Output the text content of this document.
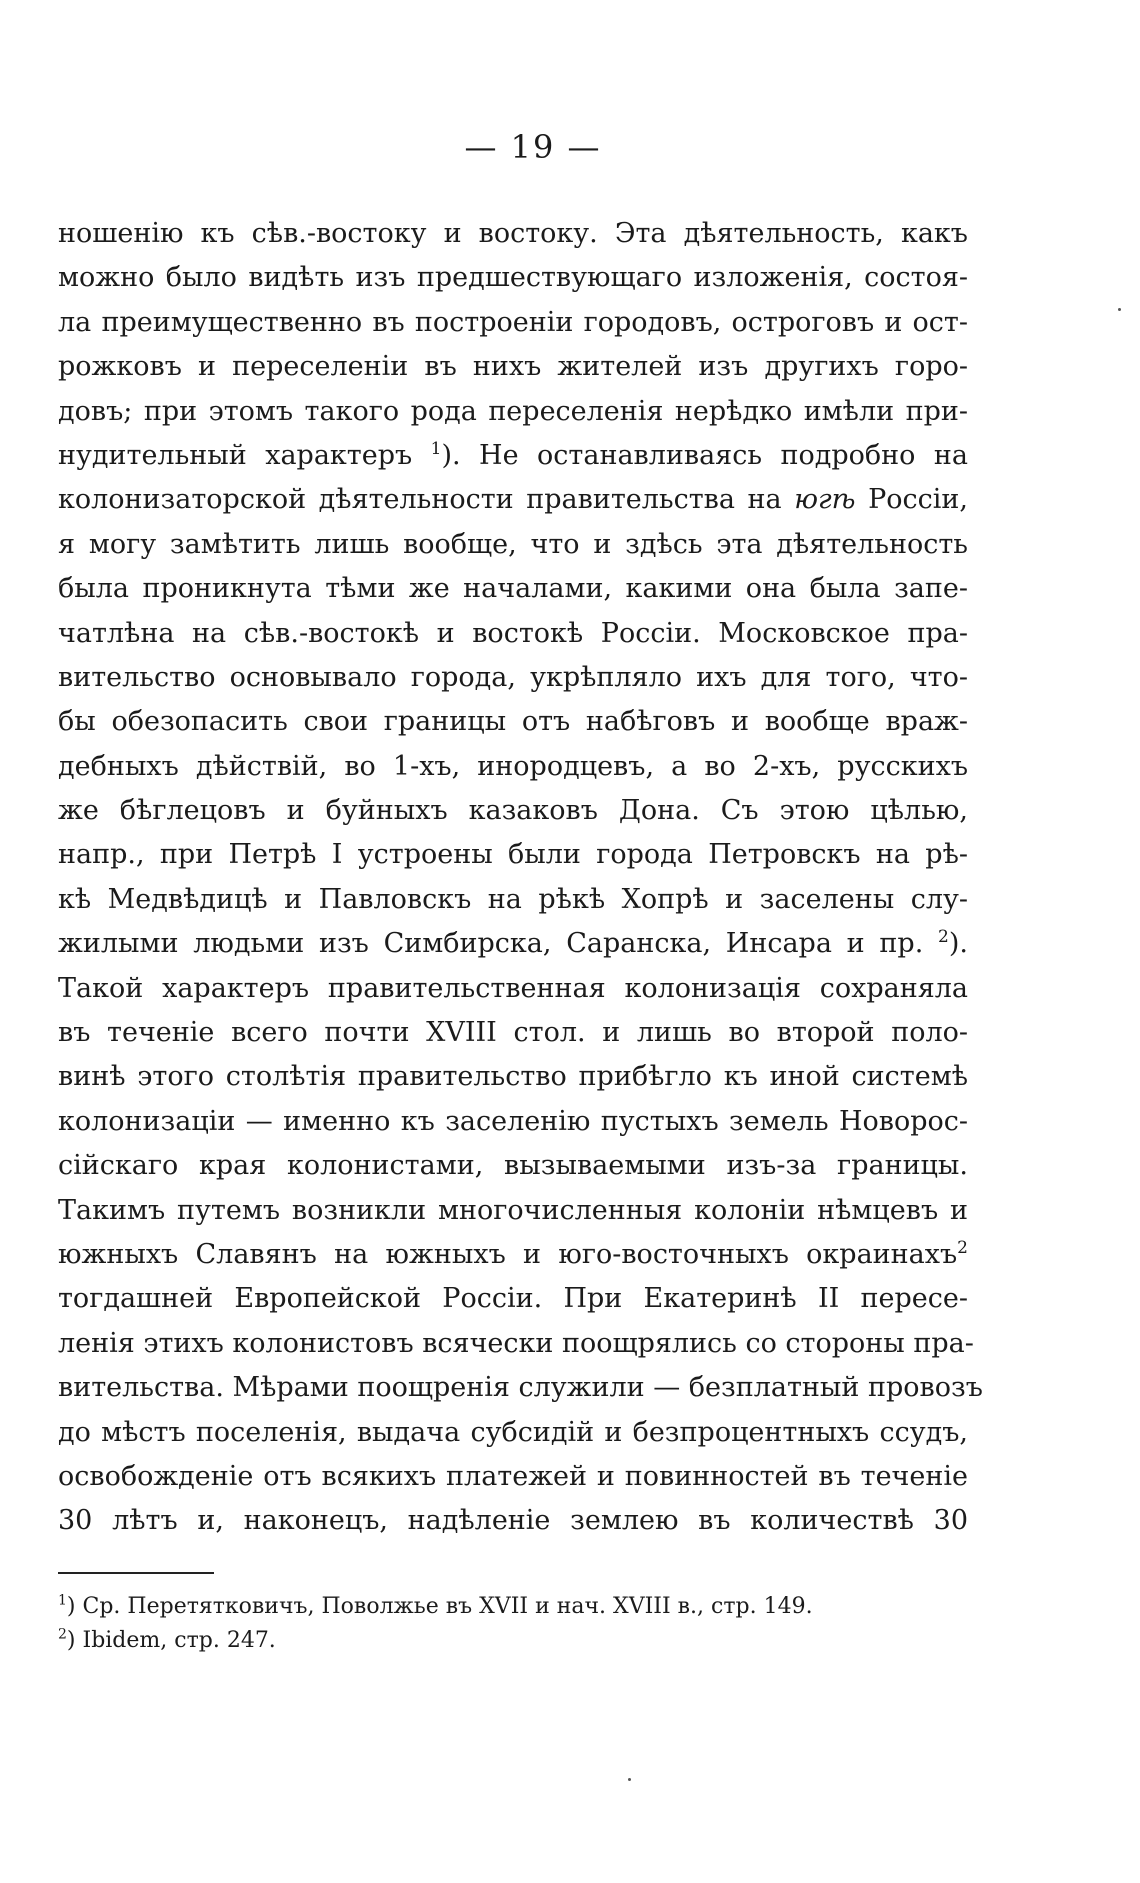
— 19 —
ношенію къ сѣв.-востоку и востоку. Эта дѣятельность, какъ
можно было видѣть изъ предшествующаго изложенія, состоя-
ла преимущественно въ построеніи городовъ, остроговъ и ост-
рожковъ и переселеніи въ нихъ жителей изъ другихъ горо-
довъ; при этомъ такого рода переселенія нерѣдко имѣли при-
нудительный характеръ $^1$). Не останавливаясь подробно на
колонизаторской дѣятельности правительства на югѣ Россіи,
я могу замѣтить лишь вообще, что и здѣсь эта дѣятельность
была проникнута тѣми же началами, какими она была запе-
чатлѣна на сѣв.-востокѣ и востокѣ Россіи. Московское пра-
вительство основывало города, укрѣпляло ихъ для того, что-
бы обезопасить свои границы отъ набѣговъ и вообще враж-
дебныхъ дѣйствій, во 1-хъ, инородцевъ, а во 2-хъ, русскихъ
же бѣглецовъ и буйныхъ казаковъ Дона. Съ этою цѣлью,
напр., при Петрѣ I устроены были города Петровскъ на рѣ-
кѣ Медвѣдицѣ и Павловскъ на рѣкѣ Хопрѣ и заселены слу-
жилыми людьми изъ Симбирска, Саранска, Инсара и пр. $^2$).
Такой характеръ правительственная колонизація сохраняла
въ теченіе всего почти XVIII стол. и лишь во второй поло-
винѣ этого столѣтія правительство прибѣгло къ иной системѣ
колонизаціи — именно къ заселенію пустыхъ земель Новорос-
сійскаго края колонистами, вызываемыми изъ-за границы.
Такимъ путемъ возникли многочисленныя колоніи нѣмцевъ и
южныхъ Славянъ на южныхъ и юго-восточныхъ окраинахъ$^2$
тогдашней Европейской Россіи. При Екатеринѣ II пересе-
ленія этихъ колонистовъ всячески поощрялись со стороны пра-
вительства. Мѣрами поощренія служили — безплатный провозъ
до мѣстъ поселенія, выдача субсидій и безпроцентныхъ ссудъ,
освобожденіе отъ всякихъ платежей и повинностей въ теченіе
30 лѣтъ и, наконецъ, надѣленіе землею въ количествѣ 30
$^1$) Ср. Перетятковичъ, Поволжье въ XVII и нач. XVIII в., стр. 149.
$^2$) Ibidem, стр. 247.
